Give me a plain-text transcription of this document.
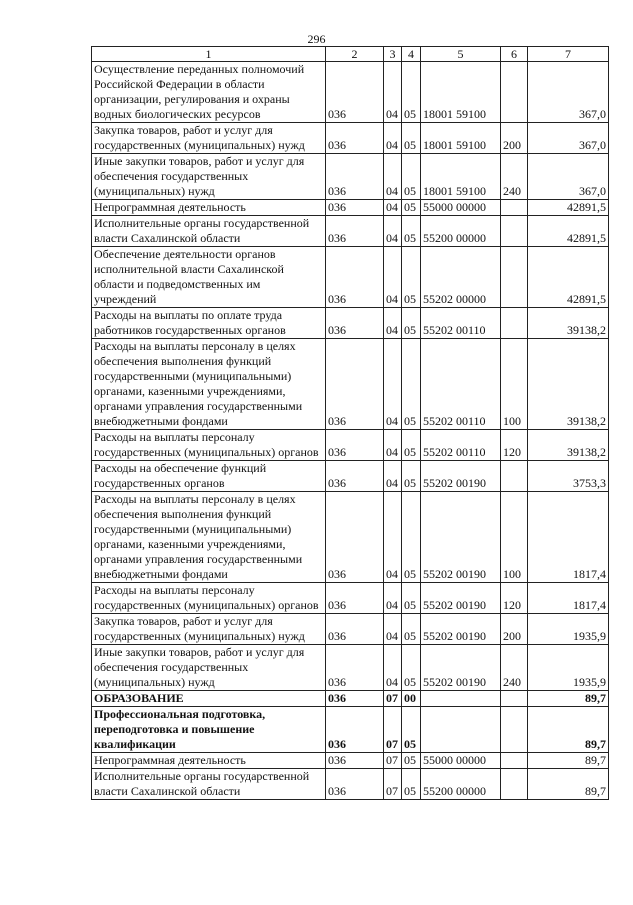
296
1	2	3	4	5	6	7
Осуществление переданных полномочий Российской Федерации в области организации, регулирования и охраны водных биологических ресурсов	036	04	05	18001 59100		367,0
Закупка товаров, работ и услуг для государственных (муниципальных) нужд	036	04	05	18001 59100	200	367,0
Иные закупки товаров, работ и услуг для обеспечения государственных (муниципальных) нужд	036	04	05	18001 59100	240	367,0
Непрограммная деятельность	036	04	05	55000 00000		42891,5
Исполнительные органы государственной власти Сахалинской области	036	04	05	55200 00000		42891,5
Обеспечение деятельности органов исполнительной власти Сахалинской области и подведомственных им учреждений	036	04	05	55202 00000		42891,5
Расходы на выплаты по оплате труда работников государственных органов	036	04	05	55202 00110		39138,2
Расходы на выплаты персоналу в целях обеспечения выполнения функций государственными (муниципальными) органами, казенными учреждениями, органами управления государственными внебюджетными фондами	036	04	05	55202 00110	100	39138,2
Расходы на выплаты персоналу государственных (муниципальных) органов	036	04	05	55202 00110	120	39138,2
Расходы на обеспечение функций государственных органов	036	04	05	55202 00190		3753,3
Расходы на выплаты персоналу в целях обеспечения выполнения функций государственными (муниципальными) органами, казенными учреждениями, органами управления государственными внебюджетными фондами	036	04	05	55202 00190	100	1817,4
Расходы на выплаты персоналу государственных (муниципальных) органов	036	04	05	55202 00190	120	1817,4
Закупка товаров, работ и услуг для государственных (муниципальных) нужд	036	04	05	55202 00190	200	1935,9
Иные закупки товаров, работ и услуг для обеспечения государственных (муниципальных) нужд	036	04	05	55202 00190	240	1935,9
ОБРАЗОВАНИЕ	036	07	00			89,7
Профессиональная подготовка, переподготовка и повышение квалификации	036	07	05			89,7
Непрограммная деятельность	036	07	05	55000 00000		89,7
Исполнительные органы государственной власти Сахалинской области	036	07	05	55200 00000		89,7
